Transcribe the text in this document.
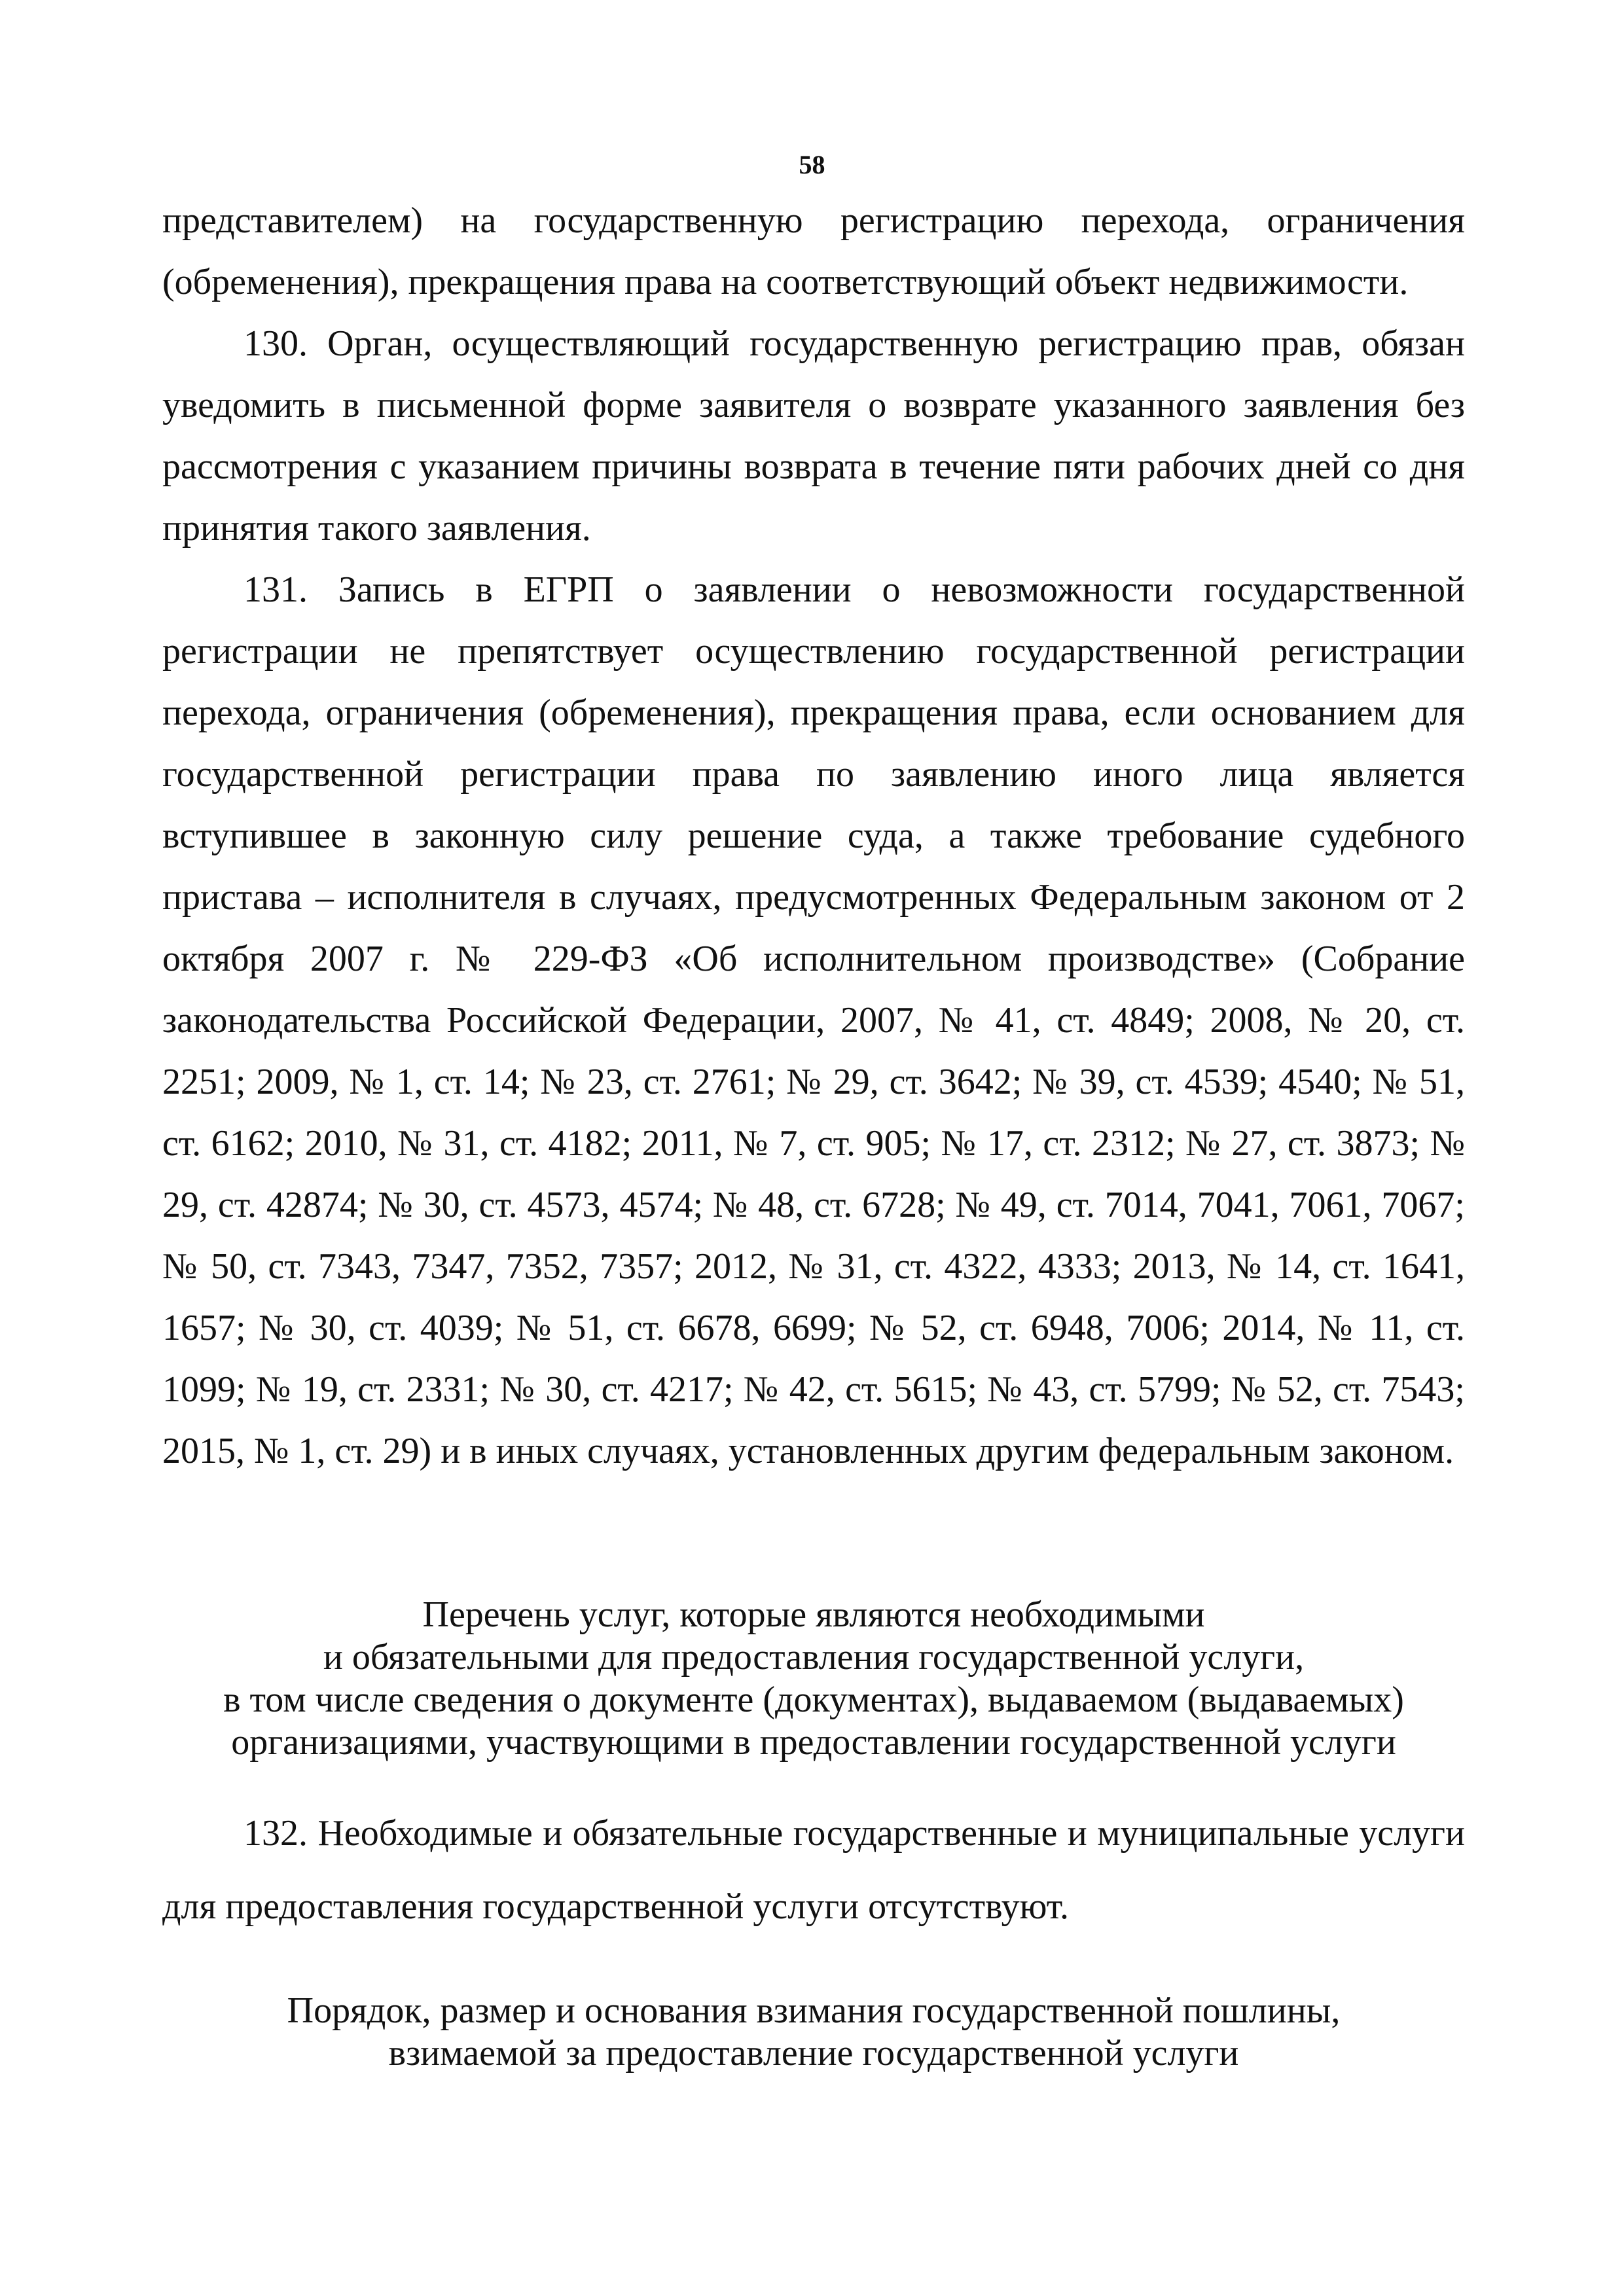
58

представителем) на государственную регистрацию перехода, ограничения (обременения), прекращения права на соответствующий объект недвижимости.

130. Орган, осуществляющий государственную регистрацию прав, обязан уведомить в письменной форме заявителя о возврате указанного заявления без рассмотрения с указанием причины возврата в течение пяти рабочих дней со дня принятия такого заявления.

131. Запись в ЕГРП о заявлении о невозможности государственной регистрации не препятствует осуществлению государственной регистрации перехода, ограничения (обременения), прекращения права, если основанием для государственной регистрации права по заявлению иного лица является вступившее в законную силу решение суда, а также требование судебного пристава – исполнителя в случаях, предусмотренных Федеральным законом от 2 октября 2007 г. № 229-ФЗ «Об исполнительном производстве» (Собрание законодательства Российской Федерации, 2007, № 41, ст. 4849; 2008, № 20, ст. 2251; 2009, № 1, ст. 14; № 23, ст. 2761; № 29, ст. 3642; № 39, ст. 4539; 4540; № 51, ст. 6162; 2010, № 31, ст. 4182; 2011, № 7, ст. 905; № 17, ст. 2312; № 27, ст. 3873; № 29, ст. 42874; № 30, ст. 4573, 4574; № 48, ст. 6728; № 49, ст. 7014, 7041, 7061, 7067; № 50, ст. 7343, 7347, 7352, 7357; 2012, № 31, ст. 4322, 4333; 2013, № 14, ст. 1641, 1657; № 30, ст. 4039; № 51, ст. 6678, 6699; № 52, ст. 6948, 7006; 2014, № 11, ст. 1099; № 19, ст. 2331; № 30, ст. 4217; № 42, ст. 5615; № 43, ст. 5799; № 52, ст. 7543; 2015, № 1, ст. 29) и в иных случаях, установленных другим федеральным законом.

Перечень услуг, которые являются необходимыми
и обязательными для предоставления государственной услуги,
в том числе сведения о документе (документах), выдаваемом (выдаваемых)
организациями, участвующими в предоставлении государственной услуги

132. Необходимые и обязательные государственные и муниципальные услуги для предоставления государственной услуги отсутствуют.

Порядок, размер и основания взимания государственной пошлины,
взимаемой за предоставление государственной услуги
